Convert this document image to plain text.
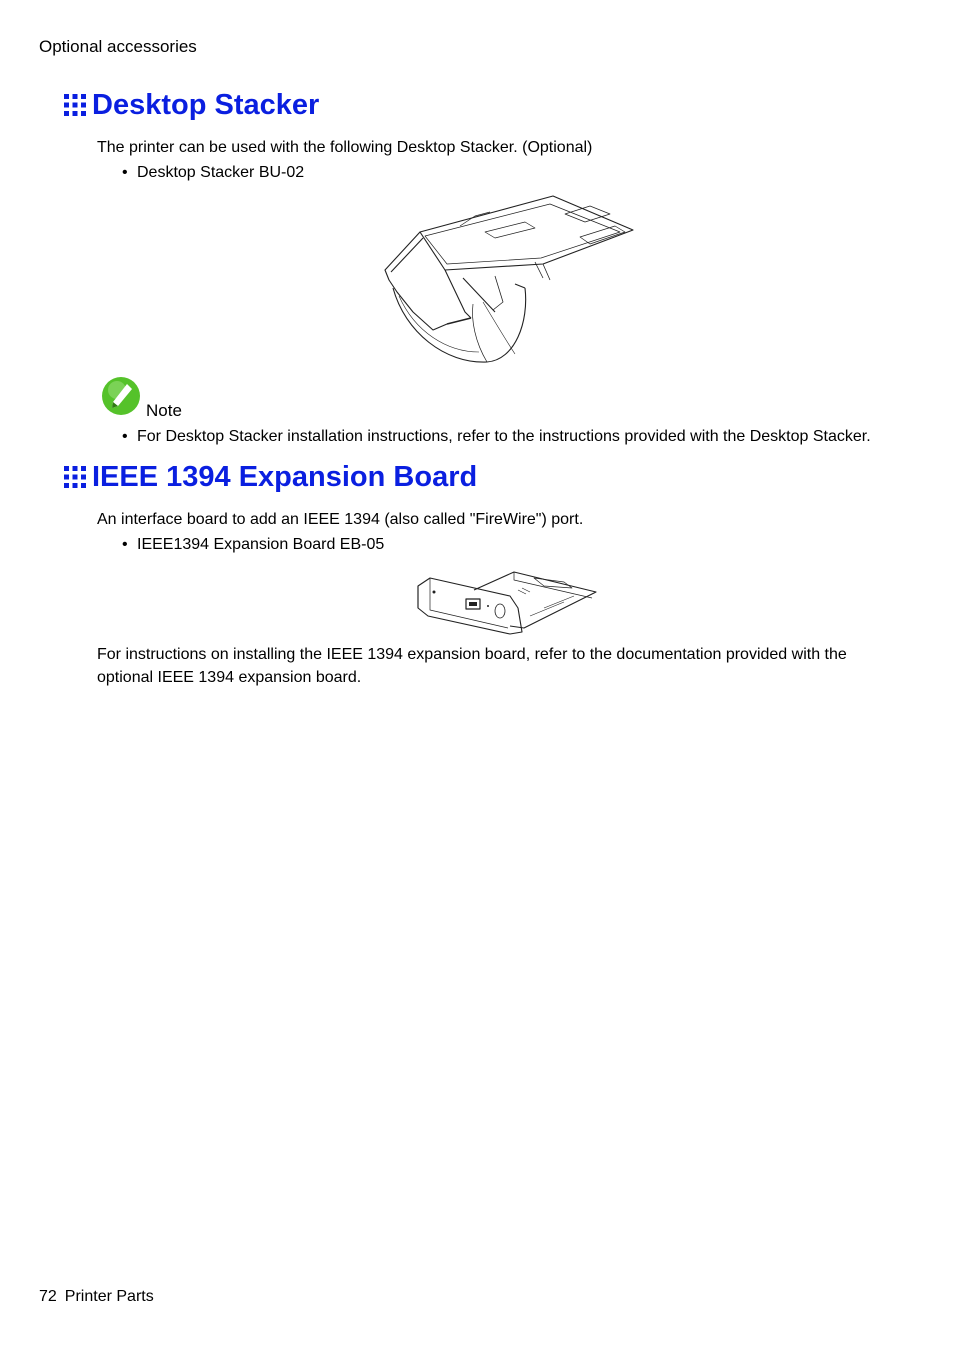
Optional accessories
Desktop Stacker
The printer can be used with the following Desktop Stacker. (Optional)
• Desktop Stacker BU-02
Note
• For Desktop Stacker installation instructions, refer to the instructions provided with the Desktop Stacker.
IEEE 1394 Expansion Board
An interface board to add an IEEE 1394 (also called "FireWire") port.
• IEEE1394 Expansion Board EB-05
For instructions on installing the IEEE 1394 expansion board, refer to the documentation provided with the optional IEEE 1394 expansion board.
72 Printer Parts
